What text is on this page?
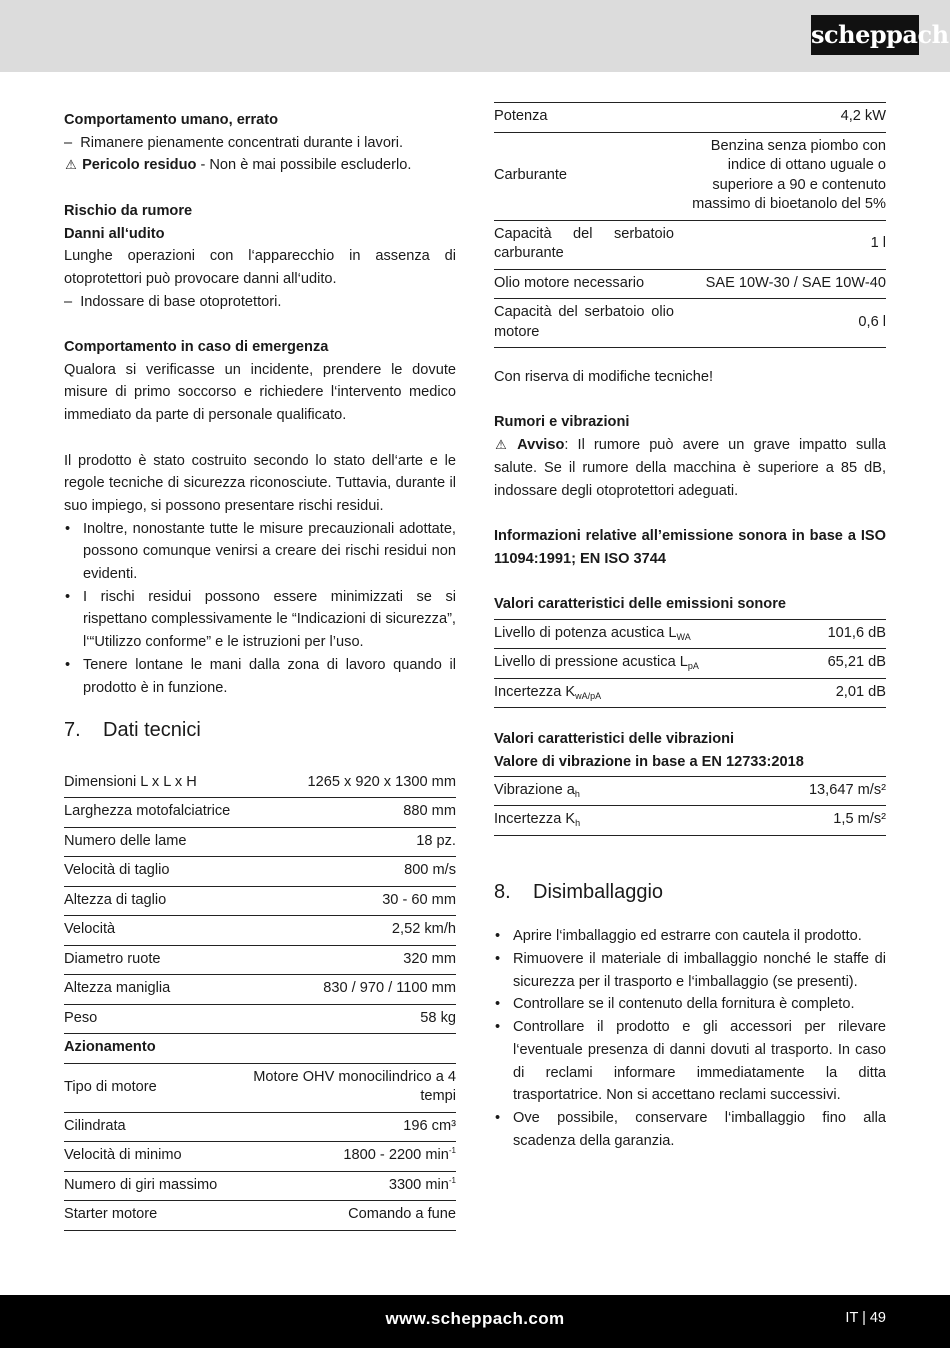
scheppach

Comportamento umano, errato

–  Rimanere pienamente concentrati durante i lavori.

⚠ Pericolo residuo - Non è mai possibile escluderlo.

Rischio da rumore

Danni all‘udito

Lunghe operazioni con l‘apparecchio in assenza di otoprotettori può provocare danni all‘udito.

–  Indossare di base otoprotettori.

Comportamento in caso di emergenza

Qualora si verificasse un incidente, prendere le dovute misure di primo soccorso e richiedere l‘intervento medico immediato da parte di personale qualificato.

Il prodotto è stato costruito secondo lo stato dell‘arte e le regole tecniche di sicurezza riconosciute. Tuttavia, durante il suo impiego, si possono presentare rischi residui.

• Inoltre, nonostante tutte le misure precauzionali adottate, possono comunque venirsi a creare dei rischi residui non evidenti.
• I rischi residui possono essere minimizzati se si rispettano complessivamente le “Indicazioni di sicurezza”, l‘“Utilizzo conforme” e le istruzioni per l’uso.
• Tenere lontane le mani dalla zona di lavoro quando il prodotto è in funzione.
7. Dati tecnici
Dimensioni L x L x H	1265 x 920 x 1300 mm
Larghezza motofalciatrice	880 mm
Numero delle lame	18 pz.
Velocità di taglio	800 m/s
Altezza di taglio	30 - 60 mm
Velocità	2,52 km/h
Diametro ruote	320 mm
Altezza maniglia	830 / 970 / 1100 mm
Peso	58 kg
Azionamento	
Tipo di motore	Motore OHV monocilindrico a 4 tempi
Cilindrata	196 cm³
Velocità di minimo	1800 - 2200 $\min^{-1}$
Numero di giri massimo	3300 $\min^{-1}$
Starter motore	Comando a fune
Potenza	4,2 kW
Carburante	Benzina senza piombo con indice di ottano uguale o superiore a 90 e contenuto massimo di bioetanolo del 5%
Capacità del serbatoio carburante	1 l
Olio motore necessario	SAE 10W-30 / SAE 10W-40
Capacità del serbatoio olio motore	0,6 l

Con riserva di modifiche tecniche!

Rumori e vibrazioni

⚠ Avviso: Il rumore può avere un grave impatto sulla salute. Se il rumore della macchina è superiore a 85 dB, indossare degli otoprotettori adeguati.

Informazioni relative all’emissione sonora in base a ISO 11094:1991; EN ISO 3744

Valori caratteristici delle emissioni sonore

Livello di potenza acustica $L_{WA}$	101,6 dB
Livello di pressione acustica $L_{pA}$	65,21 dB
Incertezza $K_{wA/pA}$	2,01 dB

Valori caratteristici delle vibrazioni

Valore di vibrazione in base a EN 12733:2018

Vibrazione $a_h$	13,647 m/s²
Incertezza $K_h$	1,5 m/s²
8. Disimballaggio
• Aprire l‘imballaggio ed estrarre con cautela il prodotto.
• Rimuovere il materiale di imballaggio nonché le staffe di sicurezza per il trasporto e l‘imballaggio (se presenti).
• Controllare se il contenuto della fornitura è completo.
• Controllare il prodotto e gli accessori per rilevare l‘eventuale presenza di danni dovuti al trasporto. In caso di reclami informare immediatamente la ditta trasportatrice. Non si accettano reclami successivi.
• Ove possibile, conservare l‘imballaggio fino alla scadenza della garanzia.
www.scheppach.com	IT | 49
